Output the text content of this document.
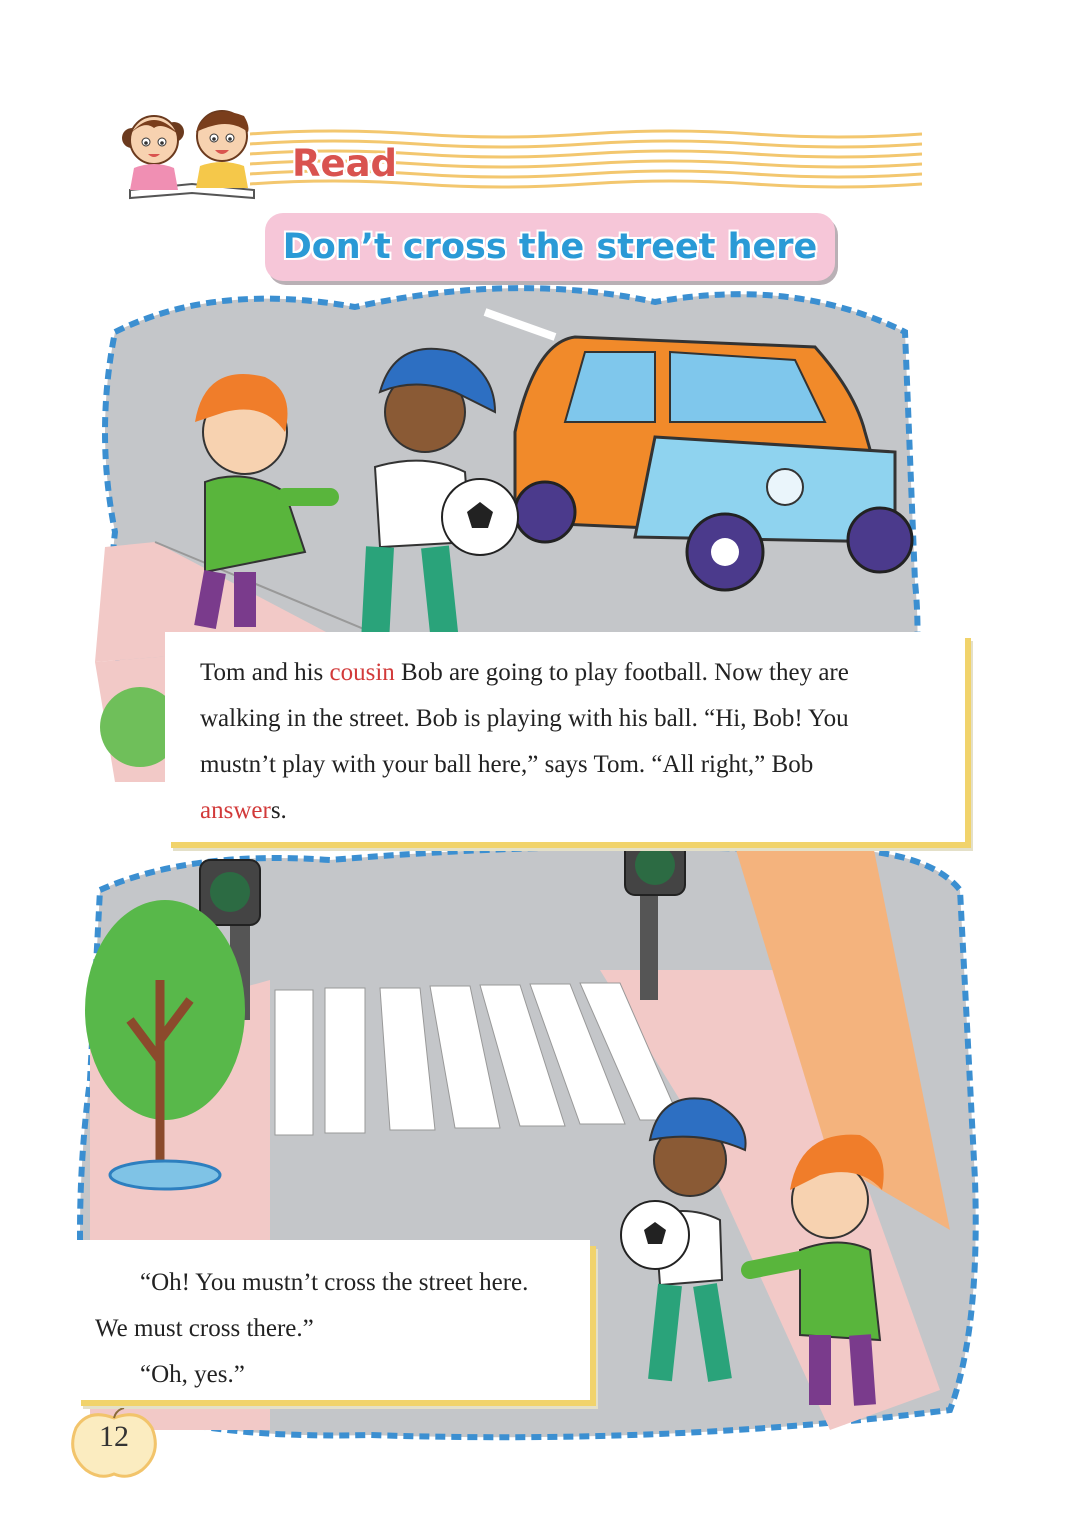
Read
Don’t cross the street here
Tom and his cousin Bob are going to play football. Now they are
walking in the street. Bob is playing with his ball. “Hi, Bob! You
mustn’t play with your ball here,” says Tom. “All right,” Bob
answers.
“Oh! You mustn’t cross the street here.
We must cross there.”
“Oh, yes.”
12
